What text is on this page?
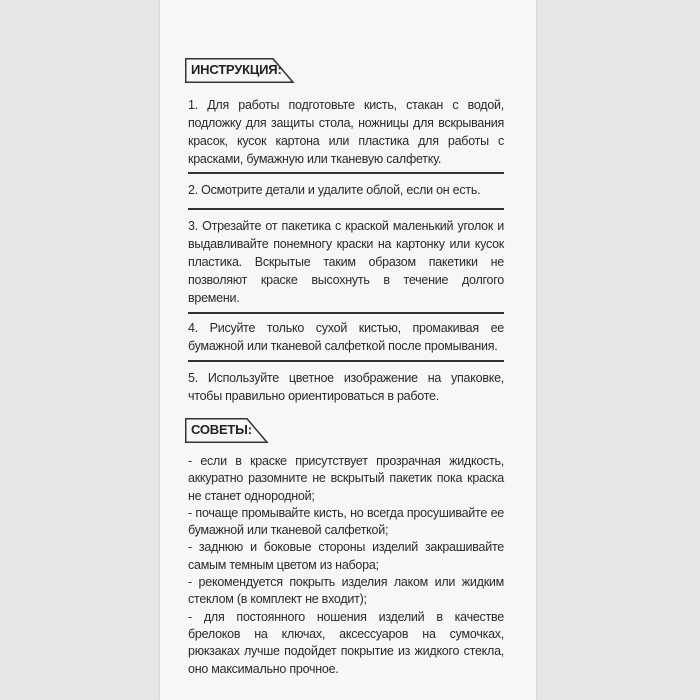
ИНСТРУКЦИЯ:
1. Для работы подготовьте кисть, стакан с водой,
подложку для защиты стола, ножницы для вскрывания
красок, кусок картона или пластика для работы с
красками, бумажную или тканевую салфетку.
2. Осмотрите детали и удалите облой, если он есть.
3. Отрезайте от пакетика с краской маленький уголок и
выдавливайте понемногу краски на картонку или кусок
пластика. Вскрытые таким образом пакетики не
позволяют краске высохнуть в течение долгого
времени.
4. Рисуйте только сухой кистью, промакивая ее
бумажной или тканевой салфеткой после промывания.
5. Используйте цветное изображение на упаковке,
чтобы правильно ориентироваться в работе.
СОВЕТЫ:
- если в краске присутствует прозрачная жидкость,
аккуратно разомните не вскрытый пакетик пока краска
не станет однородной;
- почаще промывайте кисть, но всегда просушивайте ее
бумажной или тканевой салфеткой;
- заднюю и боковые стороны изделий закрашивайте
самым темным цветом из набора;
- рекомендуется покрыть изделия лаком или жидким
стеклом (в комплект не входит);
- для постоянного ношения изделий в качестве
брелоков на ключах, аксессуаров на сумочках,
рюкзаках лучше подойдет покрытие из жидкого стекла,
оно максимально прочное.
